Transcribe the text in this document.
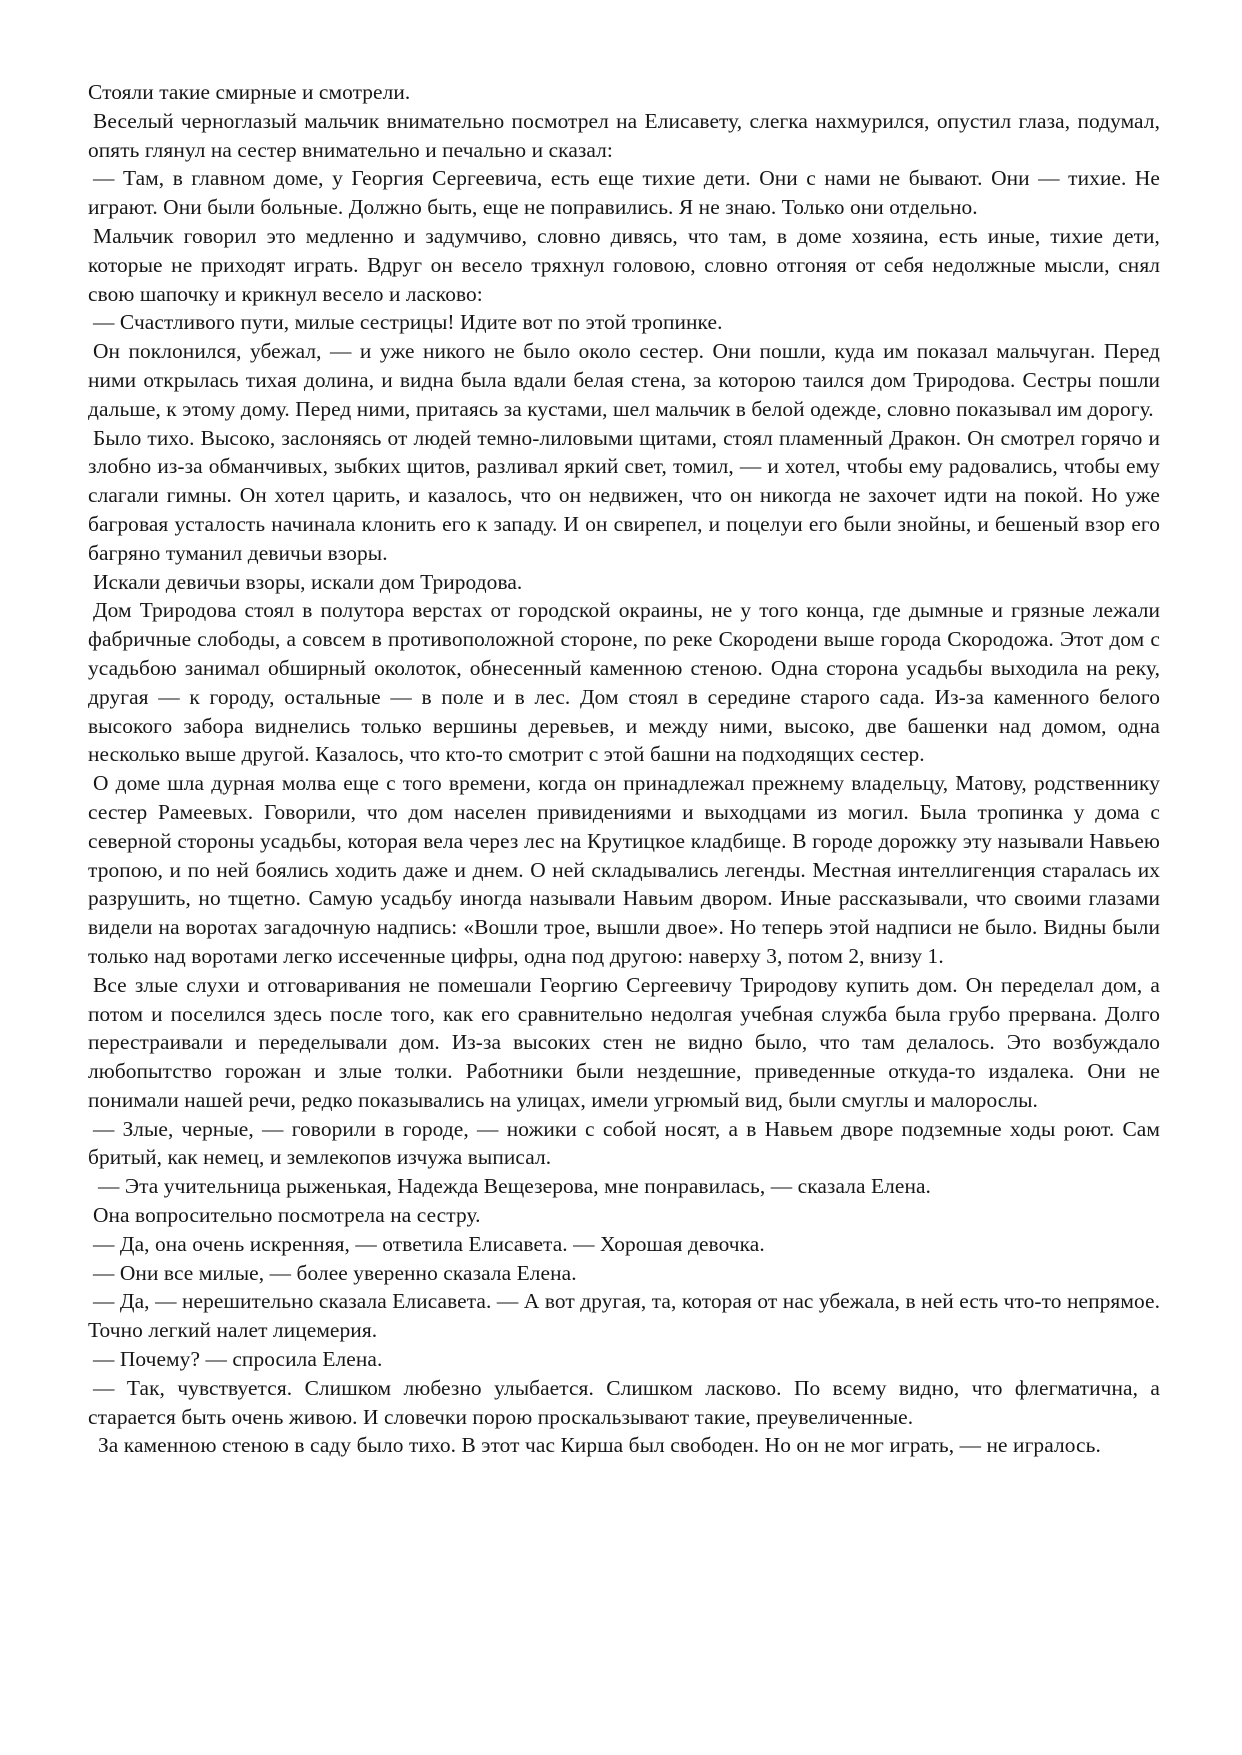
Стояли такие смирные и смотрели.

Веселый черноглазый мальчик внимательно посмотрел на Елисавету, слегка нахмурился, опустил глаза, подумал, опять глянул на сестер внимательно и печально и сказал:

— Там, в главном доме, у Георгия Сергеевича, есть еще тихие дети. Они с нами не бывают. Они — тихие. Не играют. Они были больные. Должно быть, еще не поправились. Я не знаю. Только они отдельно.

Мальчик говорил это медленно и задумчиво, словно дивясь, что там, в доме хозяина, есть иные, тихие дети, которые не приходят играть. Вдруг он весело тряхнул головою, словно отгоняя от себя недолжные мысли, снял свою шапочку и крикнул весело и ласково:

— Счастливого пути, милые сестрицы! Идите вот по этой тропинке.

Он поклонился, убежал, — и уже никого не было около сестер. Они пошли, куда им показал мальчуган. Перед ними открылась тихая долина, и видна была вдали белая стена, за которою таился дом Триродова. Сестры пошли дальше, к этому дому. Перед ними, притаясь за кустами, шел мальчик в белой одежде, словно показывал им дорогу.

Было тихо. Высоко, заслоняясь от людей темно-лиловыми щитами, стоял пламенный Дракон. Он смотрел горячо и злобно из-за обманчивых, зыбких щитов, разливал яркий свет, томил, — и хотел, чтобы ему радовались, чтобы ему слагали гимны. Он хотел царить, и казалось, что он недвижен, что он никогда не захочет идти на покой. Но уже багровая усталость начинала клонить его к западу. И он свирепел, и поцелуи его были знойны, и бешеный взор его багряно туманил девичьи взоры.

Искали девичьи взоры, искали дом Триродова.

Дом Триродова стоял в полутора верстах от городской окраины, не у того конца, где дымные и грязные лежали фабричные слободы, а совсем в противоположной стороне, по реке Скородени выше города Скородожа. Этот дом с усадьбою занимал обширный околоток, обнесенный каменною стеною. Одна сторона усадьбы выходила на реку, другая — к городу, остальные — в поле и в лес. Дом стоял в середине старого сада. Из-за каменного белого высокого забора виднелись только вершины деревьев, и между ними, высоко, две башенки над домом, одна несколько выше другой. Казалось, что кто-то смотрит с этой башни на подходящих сестер.

О доме шла дурная молва еще с того времени, когда он принадлежал прежнему владельцу, Матову, родственнику сестер Рамеевых. Говорили, что дом населен привидениями и выходцами из могил. Была тропинка у дома с северной стороны усадьбы, которая вела через лес на Крутицкое кладбище. В городе дорожку эту называли Навьею тропою, и по ней боялись ходить даже и днем. О ней складывались легенды. Местная интеллигенция старалась их разрушить, но тщетно. Самую усадьбу иногда называли Навьим двором. Иные рассказывали, что своими глазами видели на воротах загадочную надпись: «Вошли трое, вышли двое». Но теперь этой надписи не было. Видны были только над воротами легко иссеченные цифры, одна под другою: наверху 3, потом 2, внизу 1.

Все злые слухи и отговаривания не помешали Георгию Сергеевичу Триродову купить дом. Он переделал дом, а потом и поселился здесь после того, как его сравнительно недолгая учебная служба была грубо прервана. Долго перестраивали и переделывали дом. Из-за высоких стен не видно было, что там делалось. Это возбуждало любопытство горожан и злые толки. Работники были нездешние, приведенные откуда-то издалека. Они не понимали нашей речи, редко показывались на улицах, имели угрюмый вид, были смуглы и малорослы.

— Злые, черные, — говорили в городе, — ножики с собой носят, а в Навьем дворе подземные ходы роют. Сам бритый, как немец, и землекопов изчужа выписал.

— Эта учительница рыженькая, Надежда Вещезерова, мне понравилась, — сказала Елена.

Она вопросительно посмотрела на сестру.

— Да, она очень искренняя, — ответила Елисавета. — Хорошая девочка.

— Они все милые, — более уверенно сказала Елена.

— Да, — нерешительно сказала Елисавета. — А вот другая, та, которая от нас убежала, в ней есть что-то непрямое. Точно легкий налет лицемерия.

— Почему? — спросила Елена.

— Так, чувствуется. Слишком любезно улыбается. Слишком ласково. По всему видно, что флегматична, а старается быть очень живою. И словечки порою проскальзывают такие, преувеличенные.

За каменною стеною в саду было тихо. В этот час Кирша был свободен. Но он не мог играть, — не игралось.
